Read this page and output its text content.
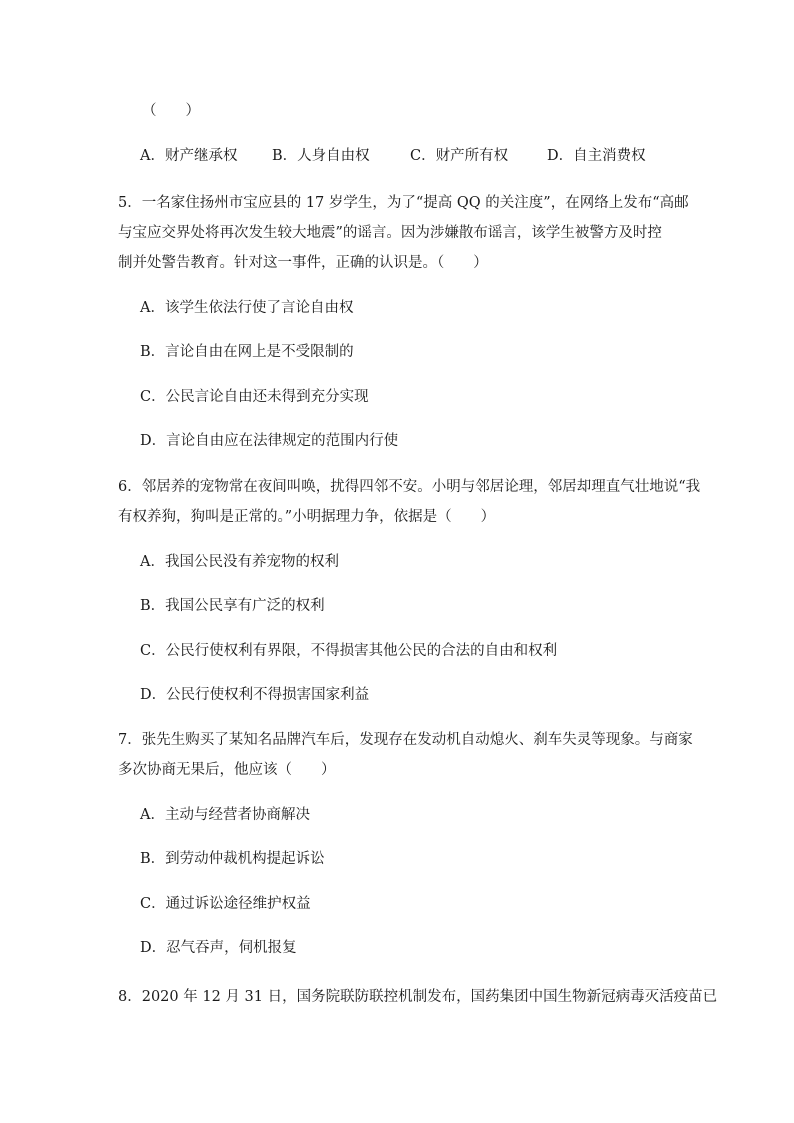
（　　）
A．财产继承权 B．人身自由权	C．财产所有权	D．自主消费权
5．一名家住扬州市宝应县的 17 岁学生，为了“提高 QQ 的关注度”，在网络上发布“高邮
与宝应交界处将再次发生较大地震”的谣言。因为涉嫌散布谣言，该学生被警方及时控
制并处警告教育。针对这一事件，正确的认识是。（　　）
A．该学生依法行使了言论自由权
B．言论自由在网上是不受限制的
C．公民言论自由还未得到充分实现
D．言论自由应在法律规定的范围内行使
6．邻居养的宠物常在夜间叫唤，扰得四邻不安。小明与邻居论理，邻居却理直气壮地说“我
有权养狗，狗叫是正常的。”小明据理力争，依据是（　　）
A．我国公民没有养宠物的权利
B．我国公民享有广泛的权利
C．公民行使权利有界限，不得损害其他公民的合法的自由和权利
D．公民行使权利不得损害国家利益
7．张先生购买了某知名品牌汽车后，发现存在发动机自动熄火、刹车失灵等现象。与商家
多次协商无果后，他应该（　　）
A．主动与经营者协商解决
B．到劳动仲裁机构提起诉讼
C．通过诉讼途径维护权益
D．忍气吞声，伺机报复
8．2020 年 12 月 31 日，国务院联防联控机制发布，国药集团中国生物新冠病毒灭活疫苗已
